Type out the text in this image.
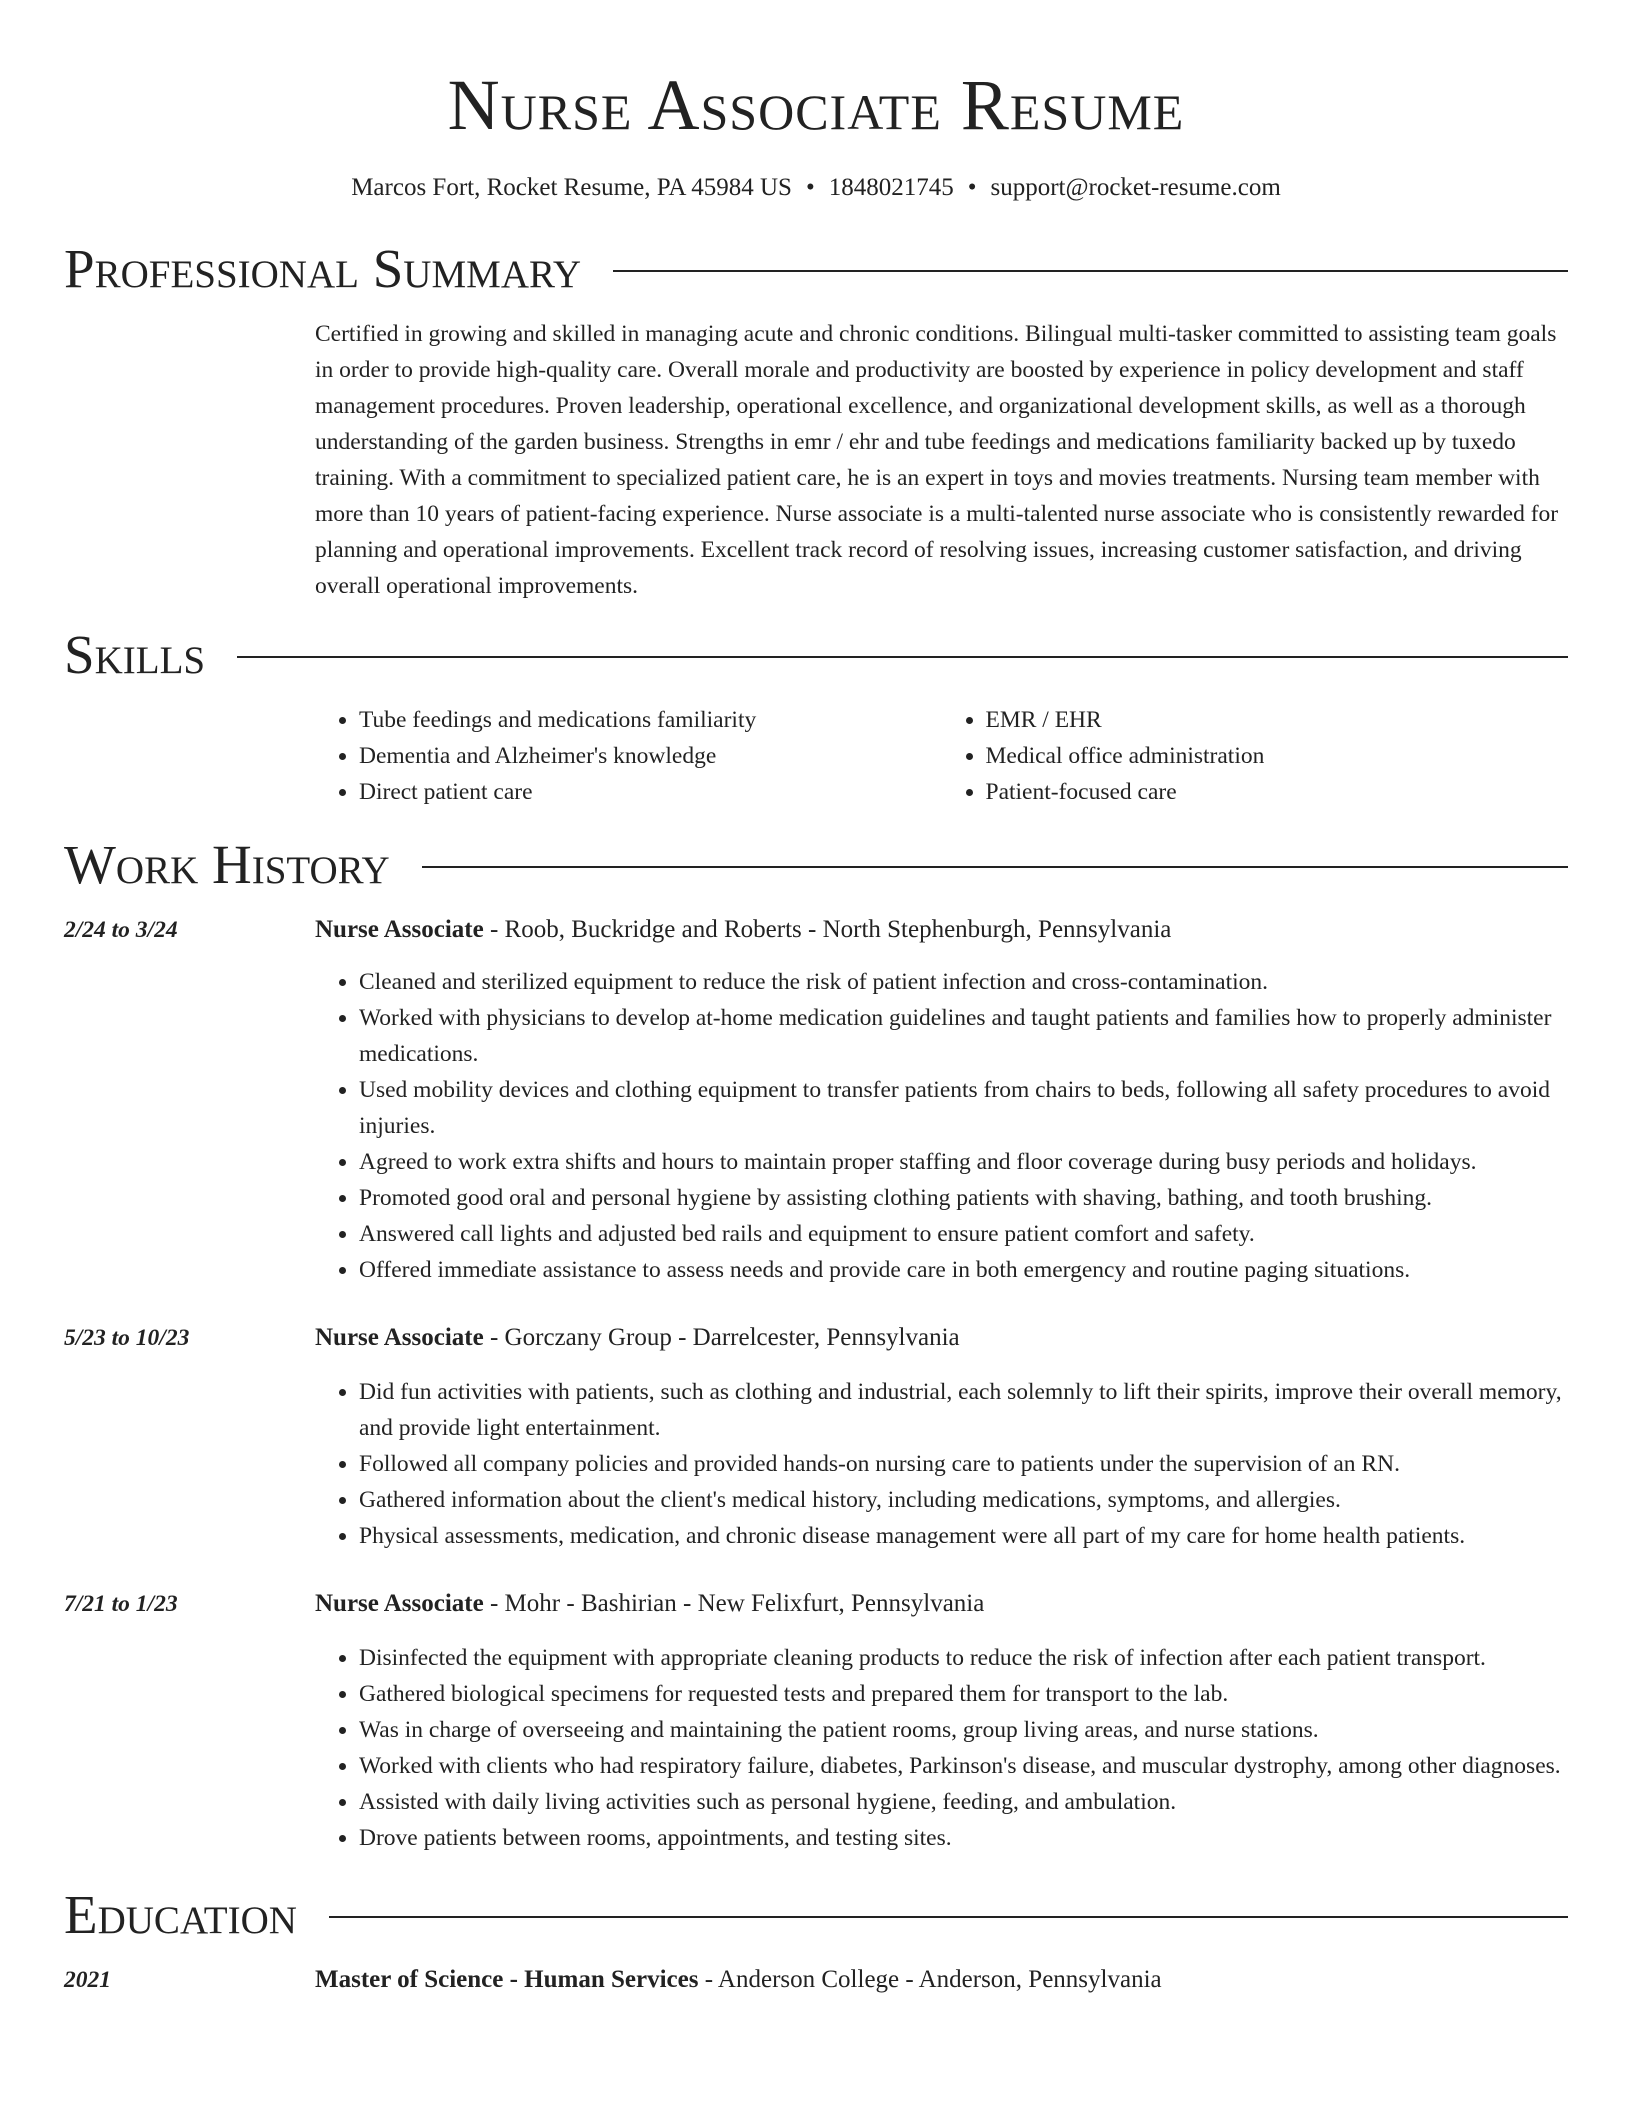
Nurse Associate Resume
Marcos Fort, Rocket Resume, PA 45984 US • 1848021745 • support@rocket-resume.com
Professional Summary
Certified in growing and skilled in managing acute and chronic conditions. Bilingual multi-tasker committed to assisting team goals in order to provide high-quality care. Overall morale and productivity are boosted by experience in policy development and staff management procedures. Proven leadership, operational excellence, and organizational development skills, as well as a thorough understanding of the garden business. Strengths in emr / ehr and tube feedings and medications familiarity backed up by tuxedo training. With a commitment to specialized patient care, he is an expert in toys and movies treatments. Nursing team member with more than 10 years of patient-facing experience. Nurse associate is a multi-talented nurse associate who is consistently rewarded for planning and operational improvements. Excellent track record of resolving issues, increasing customer satisfaction, and driving overall operational improvements.
Skills
• Tube feedings and medications familiarity
• Dementia and Alzheimer's knowledge
• Direct patient care
• EMR / EHR
• Medical office administration
• Patient-focused care
Work History
2/24 to 3/24	Nurse Associate - Roob, Buckridge and Roberts - North Stephenburgh, Pennsylvania
• Cleaned and sterilized equipment to reduce the risk of patient infection and cross-contamination.
• Worked with physicians to develop at-home medication guidelines and taught patients and families how to properly administer medications.
• Used mobility devices and clothing equipment to transfer patients from chairs to beds, following all safety procedures to avoid injuries.
• Agreed to work extra shifts and hours to maintain proper staffing and floor coverage during busy periods and holidays.
• Promoted good oral and personal hygiene by assisting clothing patients with shaving, bathing, and tooth brushing.
• Answered call lights and adjusted bed rails and equipment to ensure patient comfort and safety.
• Offered immediate assistance to assess needs and provide care in both emergency and routine paging situations.
5/23 to 10/23	Nurse Associate - Gorczany Group - Darrelcester, Pennsylvania
• Did fun activities with patients, such as clothing and industrial, each solemnly to lift their spirits, improve their overall memory, and provide light entertainment.
• Followed all company policies and provided hands-on nursing care to patients under the supervision of an RN.
• Gathered information about the client's medical history, including medications, symptoms, and allergies.
• Physical assessments, medication, and chronic disease management were all part of my care for home health patients.
7/21 to 1/23	Nurse Associate - Mohr - Bashirian - New Felixfurt, Pennsylvania
• Disinfected the equipment with appropriate cleaning products to reduce the risk of infection after each patient transport.
• Gathered biological specimens for requested tests and prepared them for transport to the lab.
• Was in charge of overseeing and maintaining the patient rooms, group living areas, and nurse stations.
• Worked with clients who had respiratory failure, diabetes, Parkinson's disease, and muscular dystrophy, among other diagnoses.
• Assisted with daily living activities such as personal hygiene, feeding, and ambulation.
• Drove patients between rooms, appointments, and testing sites.
Education
2021	Master of Science - Human Services - Anderson College - Anderson, Pennsylvania
